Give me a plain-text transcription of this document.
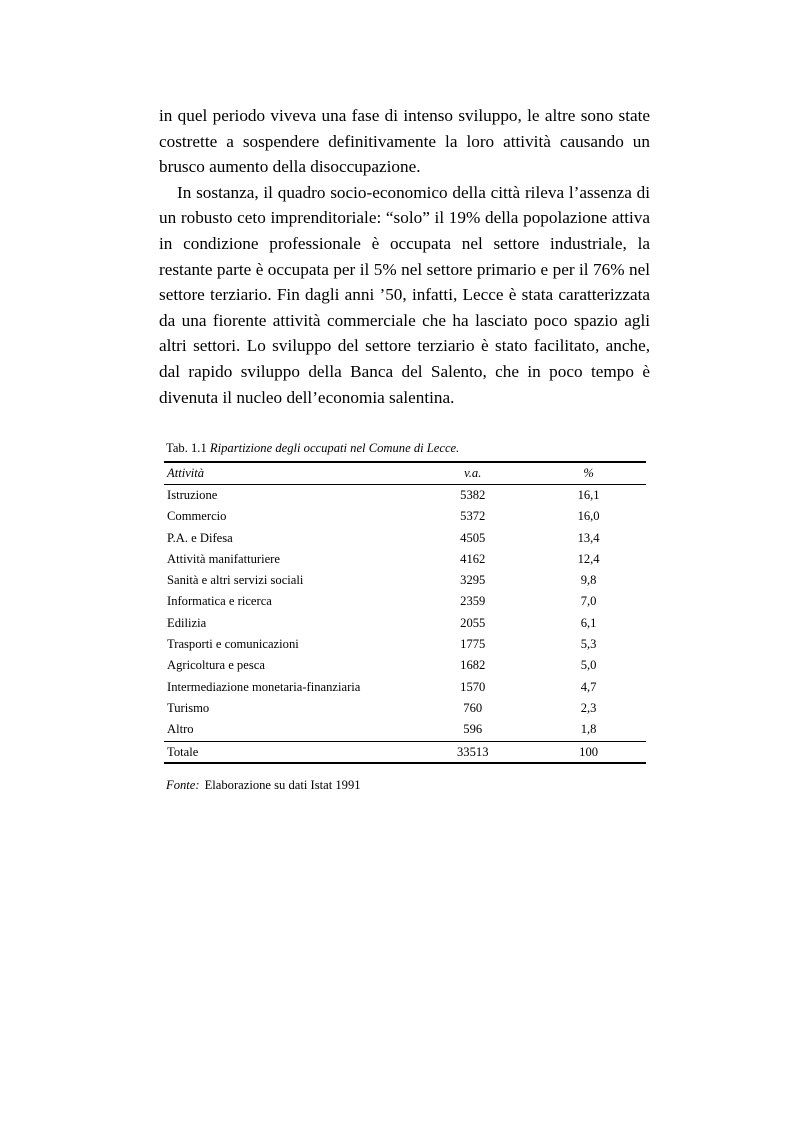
in quel periodo viveva una fase di intenso sviluppo, le altre sono state costrette a sospendere definitivamente la loro attività causando un brusco aumento della disoccupazione.

In sostanza, il quadro socio-economico della città rileva l’assenza di un robusto ceto imprenditoriale: “solo” il 19% della popolazione attiva in condizione professionale è occupata nel settore industriale, la restante parte è occupata per il 5% nel settore primario e per il 76% nel settore terziario. Fin dagli anni ’50, infatti, Lecce è stata caratterizzata da una fiorente attività commerciale che ha lasciato poco spazio agli altri settori. Lo sviluppo del settore terziario è stato facilitato, anche, dal rapido sviluppo della Banca del Salento, che in poco tempo è divenuta il nucleo dell’economia salentina.

Tab. 1.1 Ripartizione degli occupati nel Comune di Lecce.
Attività	v.a.	%
Istruzione	5382	16,1
Commercio	5372	16,0
P.A. e Difesa	4505	13,4
Attività manifatturiere	4162	12,4
Sanità e altri servizi sociali	3295	9,8
Informatica e ricerca	2359	7,0
Edilizia	2055	6,1
Trasporti e comunicazioni	1775	5,3
Agricoltura e pesca	1682	5,0
Intermediazione monetaria-finanziaria	1570	4,7
Turismo	760	2,3
Altro	596	1,8
Totale	33513	100
Fonte: Elaborazione su dati Istat 1991
